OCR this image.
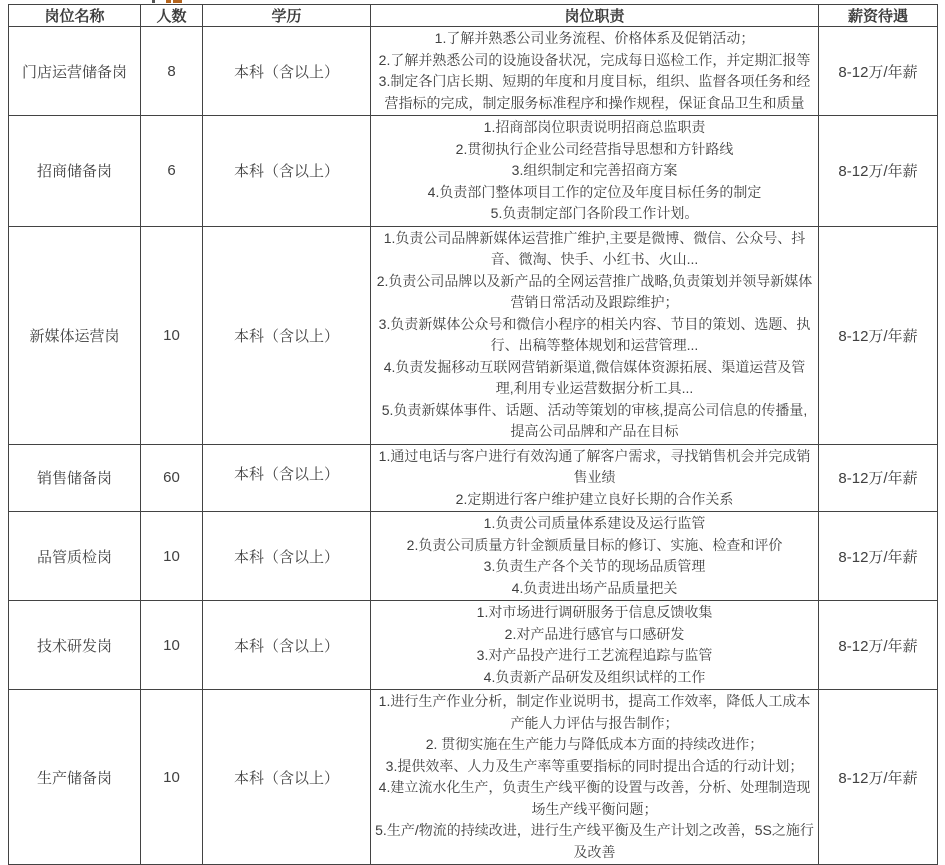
岗位名称	人数	学历	岗位职责	薪资待遇
门店运营储备岗	8	本科（含以上）	1.了解并熟悉公司业务流程、价格体系及促销活动；
2.了解并熟悉公司的设施设备状况，完成每日巡检工作，并定期汇报等
3.制定各门店长期、短期的年度和月度目标，组织、监督各项任务和经营指标的完成，制定服务标准程序和操作规程，保证食品卫生和质量	8-12万/年薪
招商储备岗	6	本科（含以上）	1.招商部岗位职责说明招商总监职责
2.贯彻执行企业公司经营指导思想和方针路线
3.组织制定和完善招商方案
4.负责部门整体项目工作的定位及年度目标任务的制定
5.负责制定部门各阶段工作计划。	8-12万/年薪
新媒体运营岗	10	本科（含以上）	1.负责公司品牌新媒体运营推广维护,主要是微博、微信、公众号、抖音、微淘、快手、小红书、火山...
2.负责公司品牌以及新产品的全网运营推广战略,负责策划并领导新媒体营销日常活动及跟踪维护；
3.负责新媒体公众号和微信小程序的相关内容、节目的策划、选题、执行、出稿等整体规划和运营管理...
4.负责发掘移动互联网营销新渠道,微信媒体资源拓展、渠道运营及管理,利用专业运营数据分析工具...
5.负责新媒体事件、话题、活动等策划的审核,提高公司信息的传播量,提高公司品牌和产品在目标	8-12万/年薪
销售储备岗	60	本科（含以上）	1.通过电话与客户进行有效沟通了解客户需求，寻找销售机会并完成销售业绩
2.定期进行客户维护建立良好长期的合作关系	8-12万/年薪
品管质检岗	10	本科（含以上）	1.负责公司质量体系建设及运行监管
2.负责公司质量方针金额质量目标的修订、实施、检查和评价
3.负责生产各个关节的现场品质管理
4.负责进出场产品质量把关	8-12万/年薪
技术研发岗	10	本科（含以上）	1.对市场进行调研服务于信息反馈收集
2.对产品进行感官与口感研发
3.对产品投产进行工艺流程追踪与监管
4.负责新产品研发及组织试样的工作	8-12万/年薪
生产储备岗	10	本科（含以上）	1.进行生产作业分析，制定作业说明书，提高工作效率，降低人工成本产能人力评估与报告制作；
2. 贯彻实施在生产能力与降低成本方面的持续改进作；
3.提供效率、人力及生产率等重要指标的同时提出合适的行动计划；
4.建立流水化生产，负责生产线平衡的设置与改善，分析、处理制造现场生产线平衡问题；
5.生产/物流的持续改进，进行生产线平衡及生产计划之改善，5S之施行及改善	8-12万/年薪
